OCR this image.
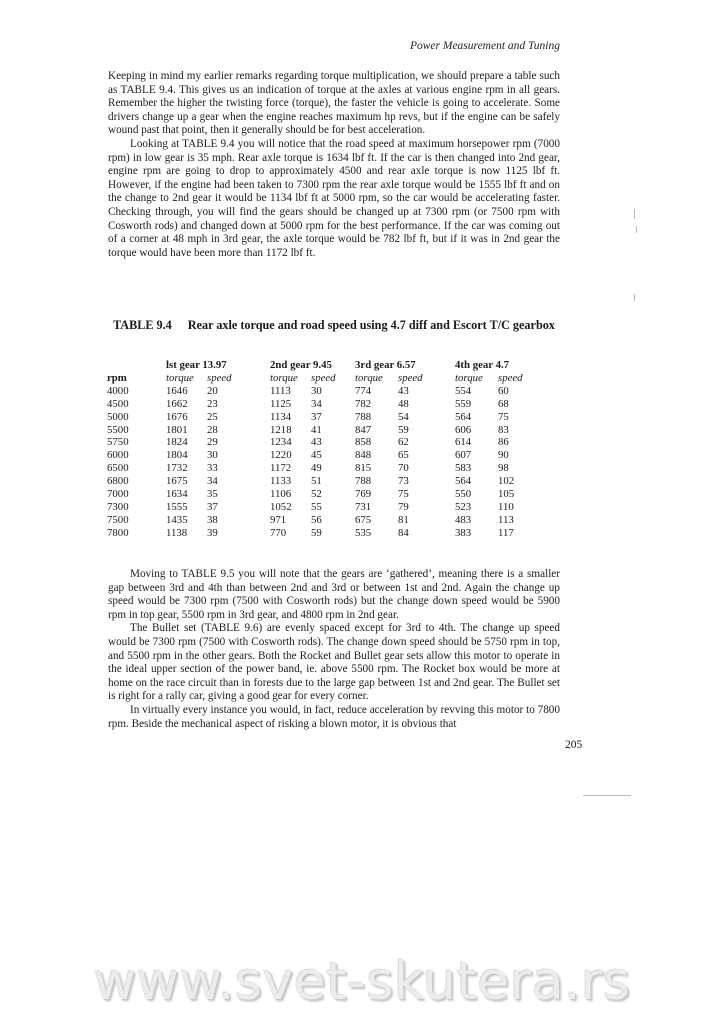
Power Measurement and Tuning

Keeping in mind my earlier remarks regarding torque multiplication, we should prepare a table such as TABLE 9.4. This gives us an indication of torque at the axles at various engine rpm in all gears. Remember the higher the twisting force (torque), the faster the vehicle is going to accelerate. Some drivers change up a gear when the engine reaches maximum hp revs, but if the engine can be safely wound past that point, then it generally should be for best acceleration.

Looking at TABLE 9.4 you will notice that the road speed at maximum horsepower rpm (7000 rpm) in low gear is 35 mph. Rear axle torque is 1634 lbf ft. If the car is then changed into 2nd gear, engine rpm are going to drop to approximately 4500 and rear axle torque is now 1125 lbf ft. However, if the engine had been taken to 7300 rpm the rear axle torque would be 1555 lbf ft and on the change to 2nd gear it would be 1134 lbf ft at 5000 rpm, so the car would be accelerating faster. Checking through, you will find the gears should be changed up at 7300 rpm (or 7500 rpm with Cosworth rods) and changed down at 5000 rpm for the best performance. If the car was coming out of a corner at 48 mph in 3rd gear, the axle torque would be 782 lbf ft, but if it was in 2nd gear the torque would have been more than 1172 lbf ft.

TABLE 9.4 Rear axle torque and road speed using 4.7 diff and Escort T/C gearbox
	lst gear 13.97		2nd gear 9.45		3rd gear 6.57		4th gear 4.7	
rpm	torque	speed	torque	speed	torque	speed	torque	speed
4000	1646	20	1113	30	774	43	554	60
4500	1662	23	1125	34	782	48	559	68
5000	1676	25	1134	37	788	54	564	75
5500	1801	28	1218	41	847	59	606	83
5750	1824	29	1234	43	858	62	614	86
6000	1804	30	1220	45	848	65	607	90
6500	1732	33	1172	49	815	70	583	98
6800	1675	34	1133	51	788	73	564	102
7000	1634	35	1106	52	769	75	550	105
7300	1555	37	1052	55	731	79	523	110
7500	1435	38	971	56	675	81	483	113
7800	1138	39	770	59	535	84	383	117

Moving to TABLE 9.5 you will note that the gears are ‘gathered’, meaning there is a smaller gap between 3rd and 4th than between 2nd and 3rd or between 1st and 2nd. Again the change up speed would be 7300 rpm (7500 with Cosworth rods) but the change down speed would be 5900 rpm in top gear, 5500 rpm in 3rd gear, and 4800 rpm in 2nd gear.

The Bullet set (TABLE 9.6) are evenly spaced except for 3rd to 4th. The change up speed would be 7300 rpm (7500 with Cosworth rods). The change down speed should be 5750 rpm in top, and 5500 rpm in the other gears. Both the Rocket and Bullet gear sets allow this motor to operate in the ideal upper section of the power band, ie. above 5500 rpm. The Rocket box would be more at home on the race circuit than in forests due to the large gap between 1st and 2nd gear. The Bullet set is right for a rally car, giving a good gear for every corner.

In virtually every instance you would, in fact, reduce acceleration by revving this motor to 7800 rpm. Beside the mechanical aspect of risking a blown motor, it is obvious that

205
www.svet-skutera.rs
